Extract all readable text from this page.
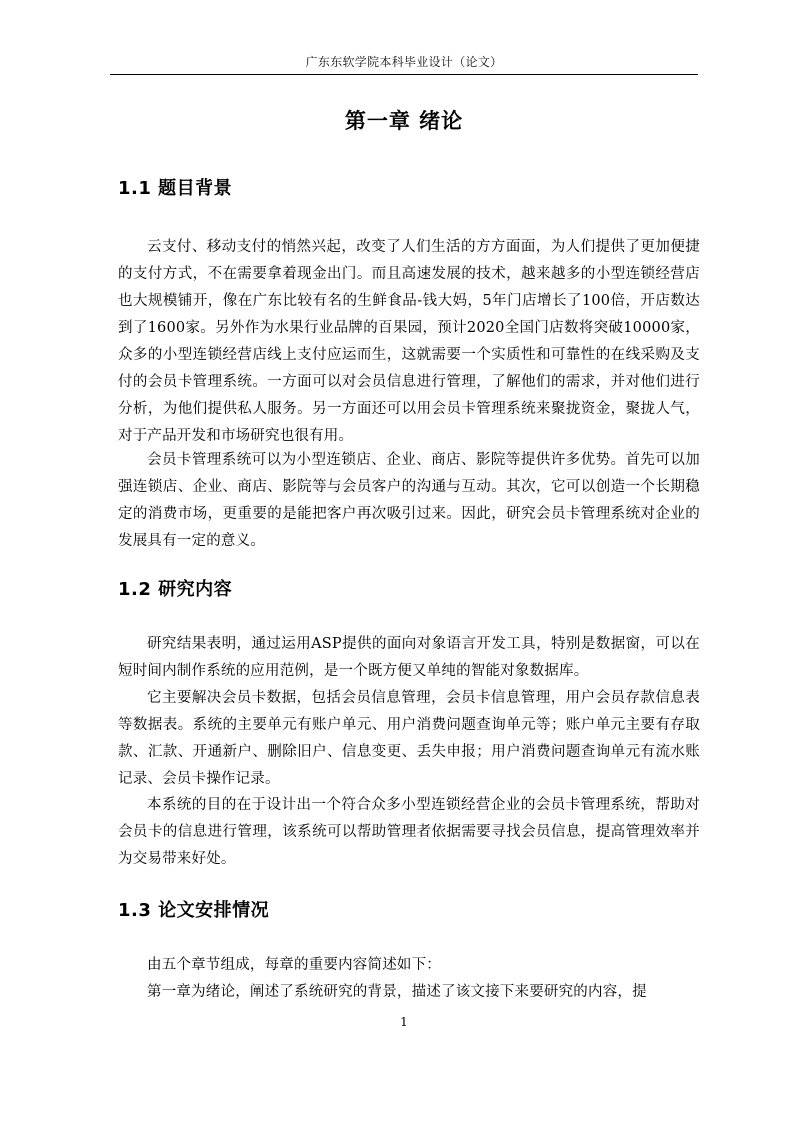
广东东软学院本科毕业设计（论文）
第一章 绪论
1.1 题目背景

云支付、移动支付的悄然兴起，改变了人们生活的方方面面，为人们提供了更加便捷的支付方式，不在需要拿着现金出门。而且高速发展的技术，越来越多的小型连锁经营店也大规模铺开，像在广东比较有名的生鲜食品-钱大妈，5年门店增长了100倍，开店数达到了1600家。另外作为水果行业品牌的百果园，预计2020全国门店数将突破10000家，众多的小型连锁经营店线上支付应运而生，这就需要一个实质性和可靠性的在线采购及支付的会员卡管理系统。一方面可以对会员信息进行管理，了解他们的需求，并对他们进行分析，为他们提供私人服务。另一方面还可以用会员卡管理系统来聚拢资金，聚拢人气，对于产品开发和市场研究也很有用。

会员卡管理系统可以为小型连锁店、企业、商店、影院等提供许多优势。首先可以加强连锁店、企业、商店、影院等与会员客户的沟通与互动。其次，它可以创造一个长期稳定的消费市场，更重要的是能把客户再次吸引过来。因此，研究会员卡管理系统对企业的发展具有一定的意义。

1.2 研究内容

研究结果表明，通过运用ASP提供的面向对象语言开发工具，特别是数据窗，可以在短时间内制作系统的应用范例，是一个既方便又单纯的智能对象数据库。

它主要解决会员卡数据，包括会员信息管理，会员卡信息管理，用户会员存款信息表等数据表。系统的主要单元有账户单元、用户消费问题查询单元等；账户单元主要有存取款、汇款、开通新户、删除旧户、信息变更、丢失申报；用户消费问题查询单元有流水账记录、会员卡操作记录。

本系统的目的在于设计出一个符合众多小型连锁经营企业的会员卡管理系统，帮助对会员卡的信息进行管理，该系统可以帮助管理者依据需要寻找会员信息，提高管理效率并为交易带来好处。

1.3 论文安排情况

由五个章节组成，每章的重要内容简述如下：

第一章为绪论，阐述了系统研究的背景，描述了该文接下来要研究的内容，提

1
